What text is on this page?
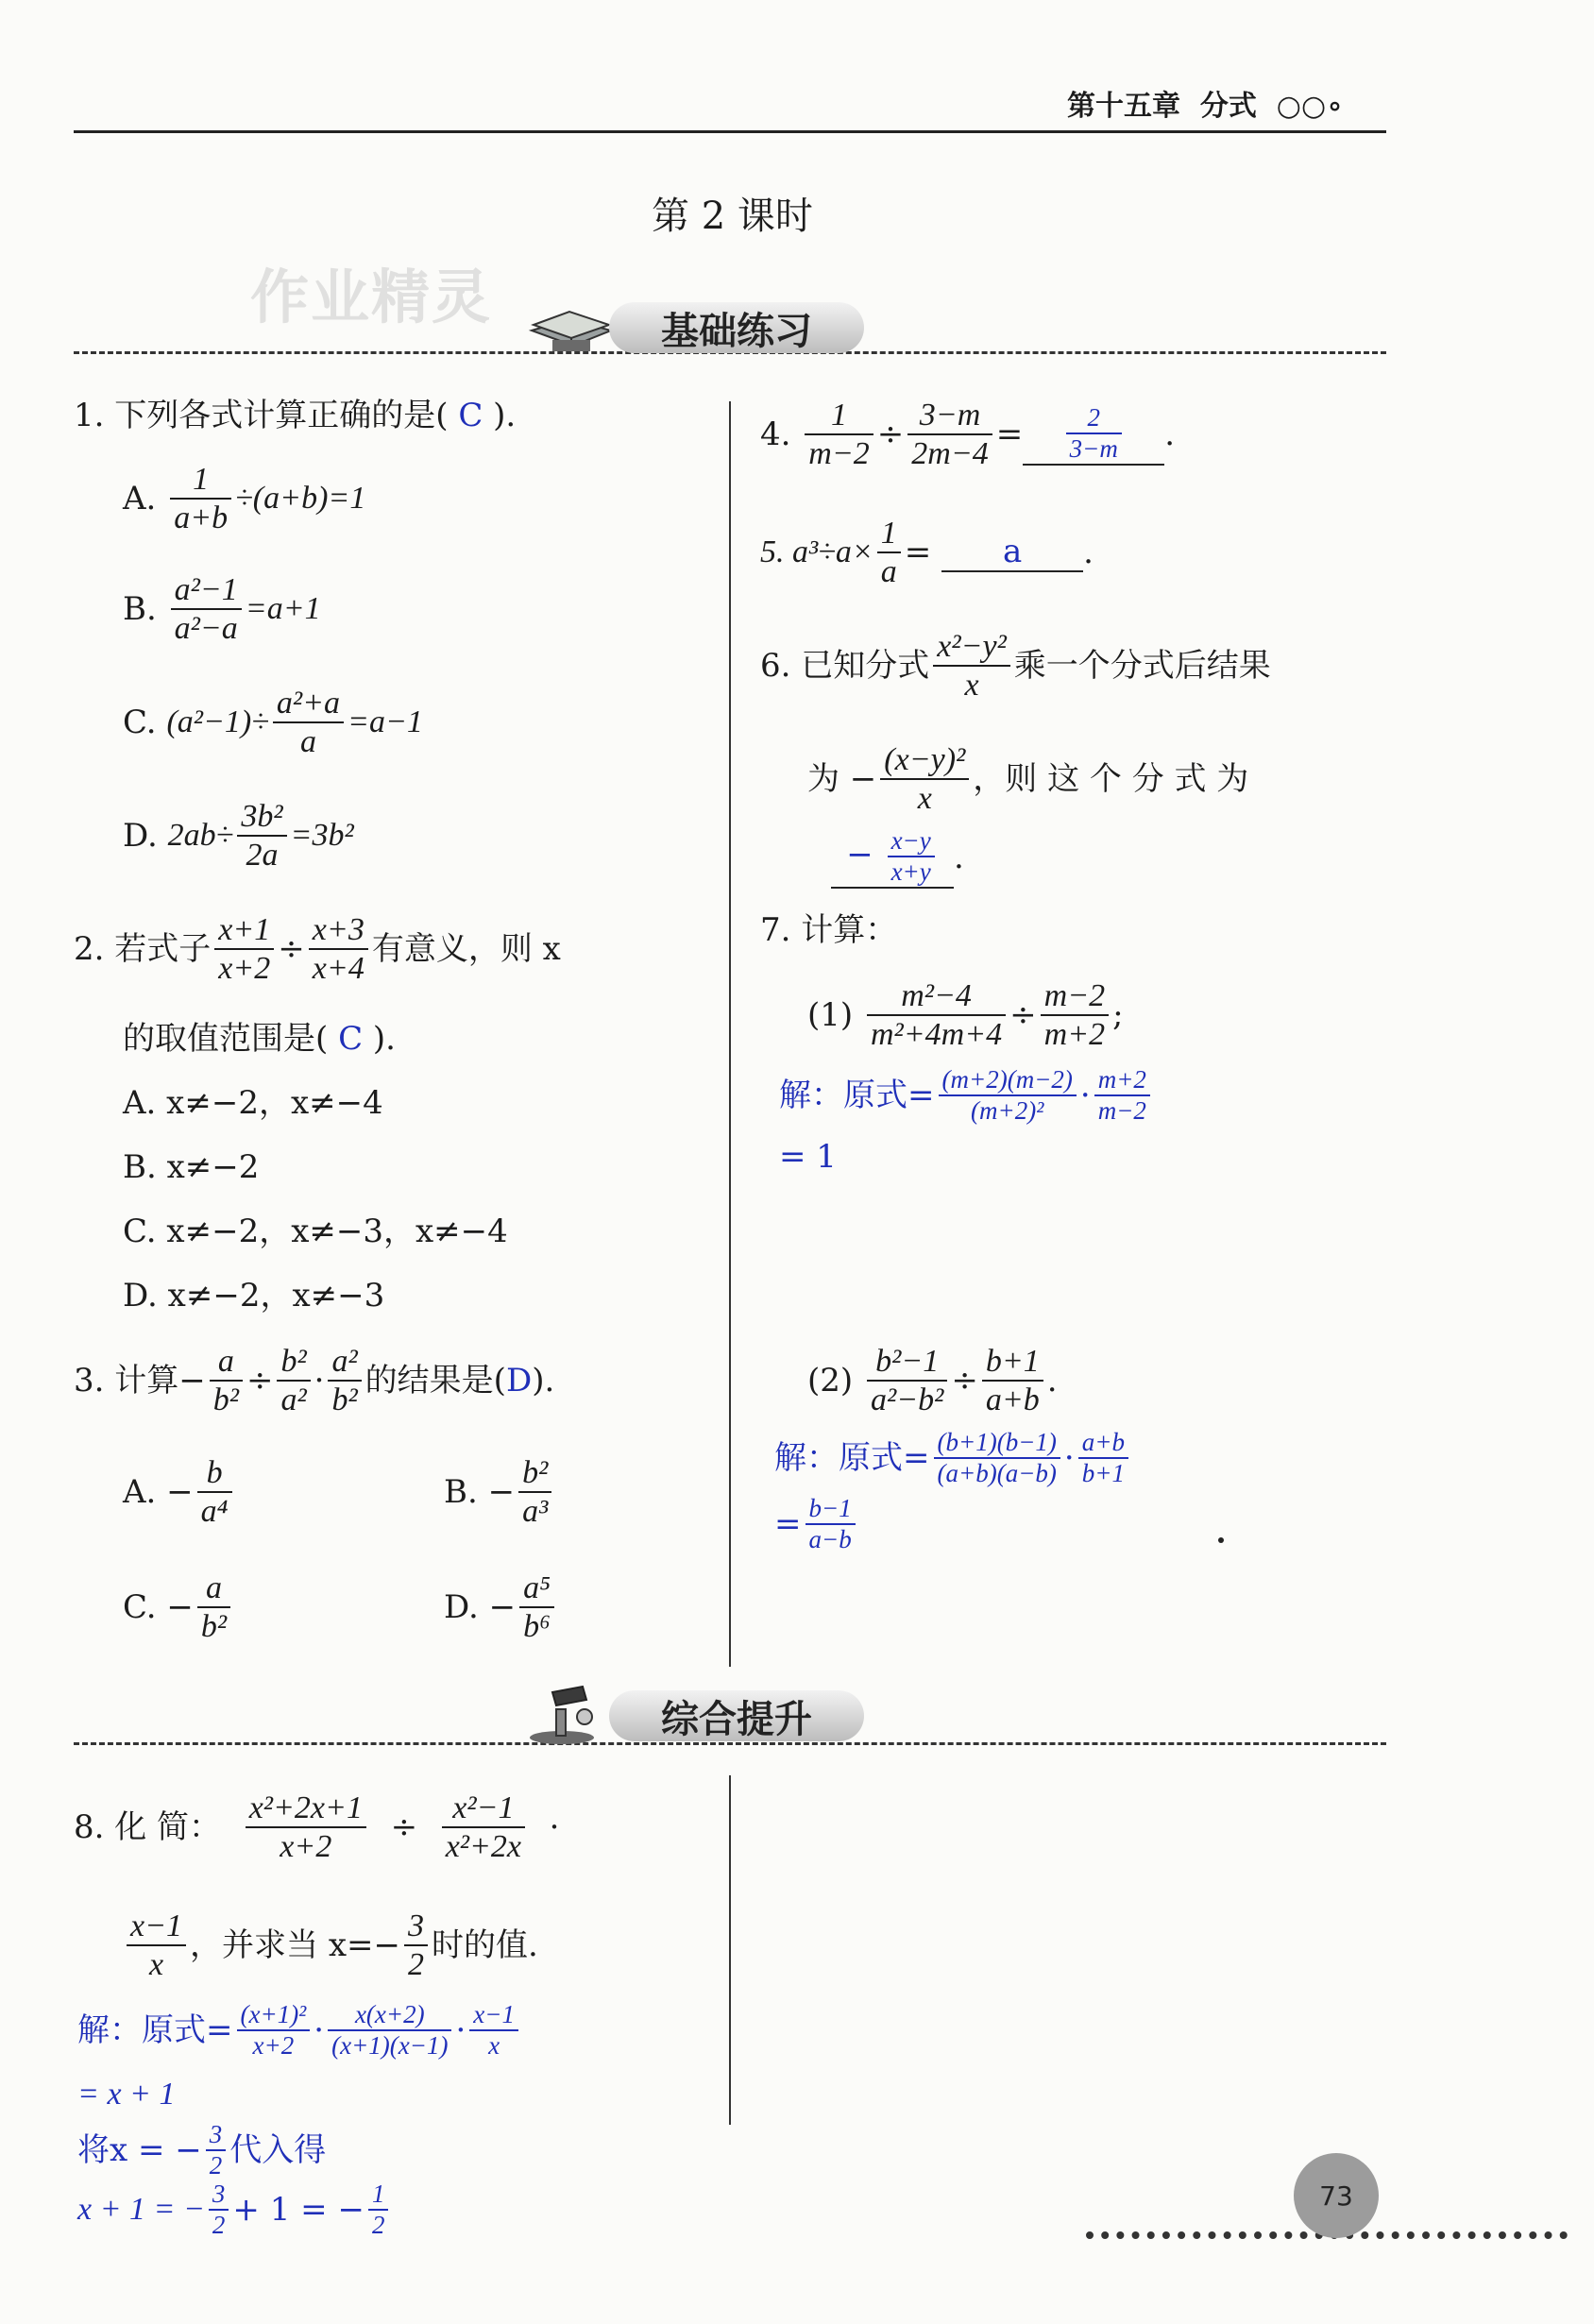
第十五章 分式 ○○∘
第 2 课时
作业精灵	基础练习
1. 下列各式计算正确的是( C ).
A.
$\frac{1}{a+b} \div(a+b)=1$
B.
$\frac{\text{a²−1}}{\text{a²−a}} =a+1$
C.
$(a^2-1)\div \frac{\text{a²+a}}{a} =a-1$
D.
$2ab\div \frac{\text{3b²}}{2a} =3b^2$
2. 若式子 $\frac{x+1}{x+2} \div \frac{x+3}{x+4}$ 有意义，则 x
的取值范围是( C ).
A. x≠−2，x≠−4
B. x≠−2
C. x≠−2，x≠−3，x≠−4
D. x≠−2，x≠−3
3. 计算− $\frac{a}{\text{b²}} \div \frac{\text{b²}}{\text{a²}} \cdot \frac{\text{a²}}{\text{b²}}$ 的结果是( D ).
A. − $\frac{b}{\text{a⁴}}$	B. − $\frac{\text{b²}}{\text{a³}}$
C. − $\frac{a}{\text{b²}}$	D. − $\frac{\text{a⁵}}{\text{b⁶}}$
4.
$\frac{1}{m-2} \div \frac{3-m}{2m-4} = \frac{2}{3-m}$ .
5. $a^3\div a\times \frac{1}{a}$ =
	a	.
6. 已知分式 $\frac{\text{x²−y²}}{x}$ 乘一个分式后结果
为 − $\frac{\text{(x−y)²}}{x}$ ，则 这 个 分 式 为
− $\frac{x-y}{x+y}$ .
7. 计算：
(1)
$\frac{\text{m²−4}}{\text{m²+4m+4}} \div \frac{m-2}{m+2}$ ;
解：原式= $\frac{(m+2)(m-2)}{\text{(m+2)²}} \cdot \frac{m+2}{m-2}$
= 1
(2)
$\frac{\text{b²−1}}{\text{a²−b²}} \div \frac{b+1}{a+b}$ .
解：原式= $\frac{(b+1)(b-1)}{(a+b)(a-b)} \cdot \frac{a+b}{b+1}$
= $\frac{b-1}{a-b}$
综合提升
8. 化 简：
$\frac{\text{x²+2x+1}}{x+2}$
÷
$\frac{\text{x²−1}}{\text{x²+2x}}$
·
$\frac{x-1}{x}$ ，并求当 $x=- \frac{3}{2}$ 时的值.
解：原式= $\frac{\text{(x+1)²}}{x+2} \cdot \frac{x(x+2)}{(x+1)(x-1)} \cdot \frac{x-1}{x}$
= x + 1
将x = − $\frac{3}{2}$ 代入得
x + 1 = − $\frac{3}{2} + 1$ = − $\frac{1}{2}$	73
